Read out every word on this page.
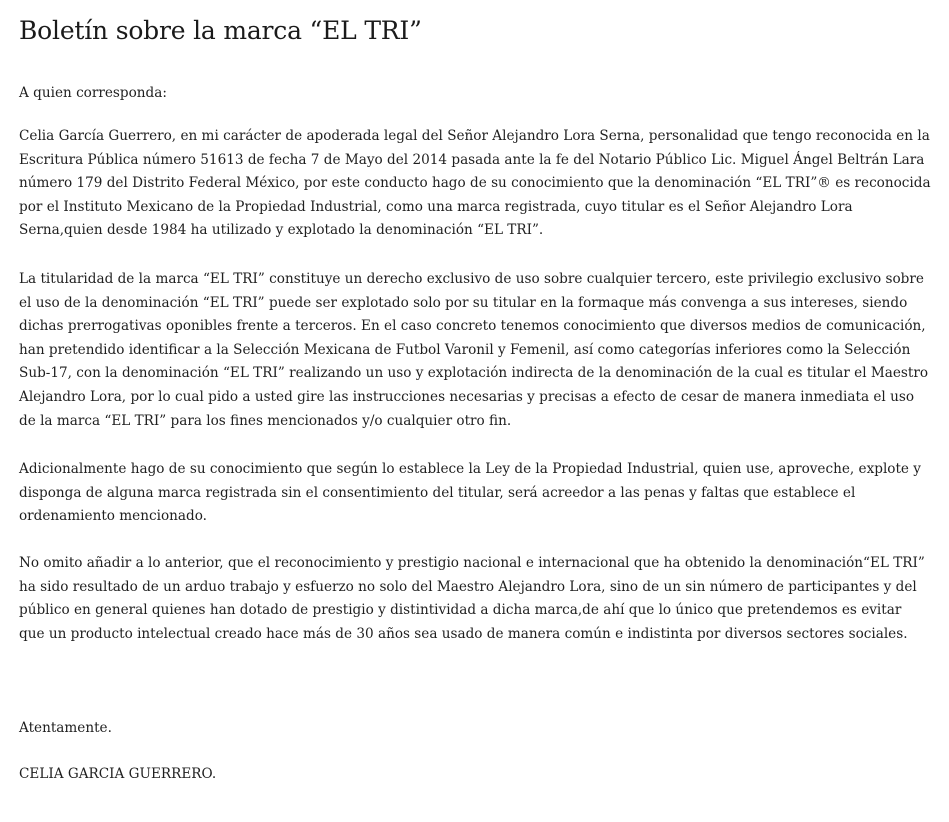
Boletín sobre la marca “EL TRI”

A quien corresponda:

Celia García Guerrero, en mi carácter de apoderada legal del Señor Alejandro Lora Serna, personalidad que tengo reconocida en la Escritura Pública número 51613 de fecha 7 de Mayo del 2014 pasada ante la fe del Notario Público Lic. Miguel Ángel Beltrán Lara número 179 del Distrito Federal México, por este conducto hago de su conocimiento que la denominación “EL TRI”® es reconocida por el Instituto Mexicano de la Propiedad Industrial, como una marca registrada, cuyo titular es el Señor Alejandro Lora Serna,quien desde 1984 ha utilizado y explotado la denominación “EL TRI”.

La titularidad de la marca “EL TRI” constituye un derecho exclusivo de uso sobre cualquier tercero, este privilegio exclusivo sobre el uso de la denominación “EL TRI” puede ser explotado solo por su titular en la formaque más convenga a sus intereses, siendo dichas prerrogativas oponibles frente a terceros. En el caso concreto tenemos conocimiento que diversos medios de comunicación, han pretendido identificar a la Selección Mexicana de Futbol Varonil y Femenil, así como categorías inferiores como la Selección Sub-17, con la denominación “EL TRI” realizando un uso y explotación indirecta de la denominación de la cual es titular el Maestro Alejandro Lora, por lo cual pido a usted gire las instrucciones necesarias y precisas a efecto de cesar de manera inmediata el uso de la marca “EL TRI” para los fines mencionados y/o cualquier otro fin.

Adicionalmente hago de su conocimiento que según lo establece la Ley de la Propiedad Industrial, quien use, aproveche, explote y disponga de alguna marca registrada sin el consentimiento del titular, será acreedor a las penas y faltas que establece el ordenamiento mencionado.

No omito añadir a lo anterior, que el reconocimiento y prestigio nacional e internacional que ha obtenido la denominación“EL TRI” ha sido resultado de un arduo trabajo y esfuerzo no solo del Maestro Alejandro Lora, sino de un sin número de participantes y del público en general quienes han dotado de prestigio y distintividad a dicha marca,de ahí que lo único que pretendemos es evitar que un producto intelectual creado hace más de 30 años sea usado de manera común e indistinta por diversos sectores sociales.

Atentamente.

CELIA GARCIA GUERRERO.
